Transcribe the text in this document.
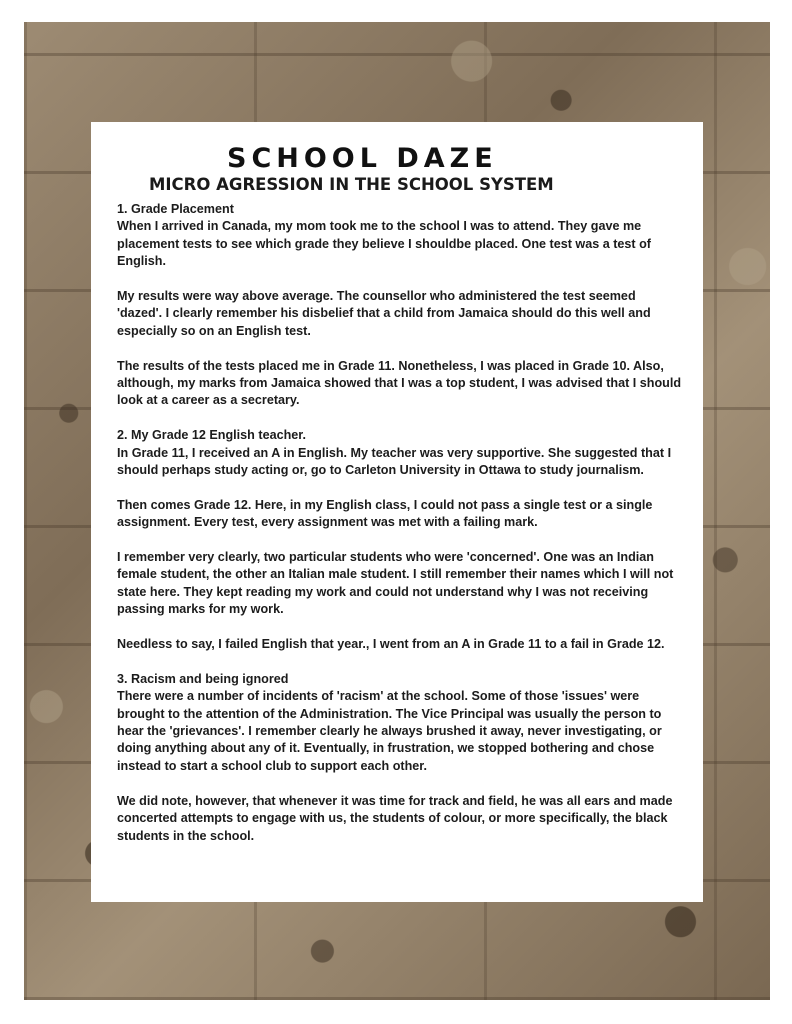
SCHOOL DAZE
MICRO AGRESSION IN THE SCHOOL SYSTEM

1. Grade Placement

When I arrived in Canada, my mom took me to the school I was to attend. They gave me placement tests to see which grade they believe I shouldbe placed. One test was a test of English.

My results were way above average. The counsellor who administered the test seemed 'dazed'. I clearly remember his disbelief that a child from Jamaica should do this well and especially so on an English test.

The results of the tests placed me in Grade 11. Nonetheless, I was placed in Grade 10. Also, although, my marks from Jamaica showed that I was a top student, I was advised that I should look at a career as a secretary.

2. My Grade 12 English teacher.

In Grade 11, I received an A in English. My teacher was very supportive. She suggested that I should perhaps study acting or, go to Carleton University in Ottawa to study journalism.

Then comes Grade 12. Here, in my English class, I could not pass a single test or a single assignment. Every test, every assignment was met with a failing mark.

I remember very clearly, two particular students who were 'concerned'. One was an Indian female student, the other an Italian male student. I still remember their names which I will not state here. They kept reading my work and could not understand why I was not receiving passing marks for my work.

Needless to say, I failed English that year., I went from an A in Grade 11 to a fail in Grade 12.

3. Racism and being ignored

There were a number of incidents of 'racism' at the school. Some of those 'issues' were brought to the attention of the Administration. The Vice Principal was usually the person to hear the 'grievances'. I remember clearly he always brushed it away, never investigating, or doing anything about any of it. Eventually, in frustration, we stopped bothering and chose instead to start a school club to support each other.

We did note, however, that whenever it was time for track and field, he was all ears and made concerted attempts to engage with us, the students of colour, or more specifically, the black students in the school.
